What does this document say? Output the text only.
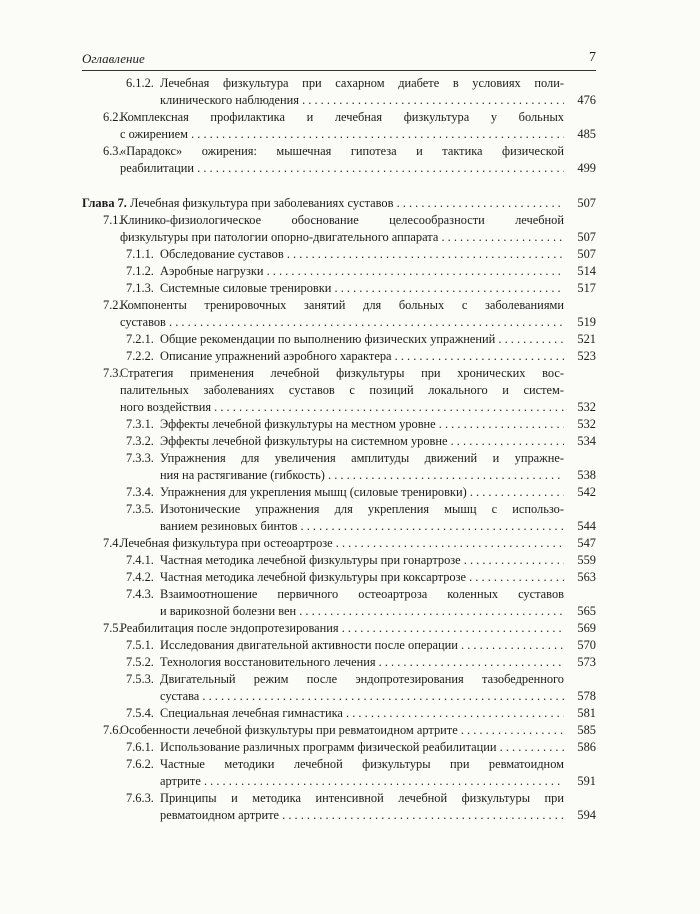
Оглавление	7
6.1.2. Лечебная физкультура при сахарном диабете в условиях поли-
клинического наблюдения . . .	476
6.2.
Комплексная профилактика и лечебная физкультура у больных
с ожирением . . .	485
6.3.
«Парадокс» ожирения: мышечная гипотеза и тактика физической
реабилитации . . .	499
Глава 7. Лечебная физкультура при заболеваниях суставов . . .	507
7.1.
Клинико-физиологическое обоснование целесообразности лечебной
физкультуры при патологии опорно-двигательного аппарата . . .	507
7.1.1. Обследование суставов . . .	507
7.1.2. Аэробные нагрузки . . .	514
7.1.3. Системные силовые тренировки . . .	517
7.2.
Компоненты тренировочных занятий для больных с заболеваниями
суставов . . .	519
7.2.1. Общие рекомендации по выполнению физических упражнений . . .	521
7.2.2. Описание упражнений аэробного характера . . .	523
7.3.
Стратегия применения лечебной физкультуры при хронических вос-
палительных заболеваниях суставов с позиций локального и систем-
ного воздействия . . .	532
7.3.1. Эффекты лечебной физкультуры на местном уровне . . .	532
7.3.2. Эффекты лечебной физкультуры на системном уровне . . .	534
7.3.3. Упражнения для увеличения амплитуды движений и упражне-
ния на растягивание (гибкость) . . .	538
7.3.4. Упражнения для укрепления мышц (силовые тренировки) . . .	542
7.3.5. Изотонические упражнения для укрепления мышц с использо-
ванием резиновых бинтов . . .	544
7.4.
Лечебная физкультура при остеоартрозе . . .	547
7.4.1. Частная методика лечебной физкультуры при гонартрозе . . .	559
7.4.2. Частная методика лечебной физкультуры при коксартрозе . . .	563
7.4.3. Взаимоотношение первичного остеоартроза коленных суставов
и варикозной болезни вен . . .	565
7.5.
Реабилитация после эндопротезирования . . .	569
7.5.1. Исследования двигательной активности после операции . . .	570
7.5.2. Технология восстановительного лечения . . .	573
7.5.3. Двигательный режим после эндопротезирования тазобедренного
сустава . . .	578
7.5.4. Специальная лечебная гимнастика . . .	581
7.6.
Особенности лечебной физкультуры при ревматоидном артрите . . .	585
7.6.1. Использование различных программ физической реабилитации . . .	586
7.6.2. Частные методики лечебной физкультуры при ревматоидном
артрите . . .	591
7.6.3. Принципы и методика интенсивной лечебной физкультуры при
ревматоидном артрите . . .	594
